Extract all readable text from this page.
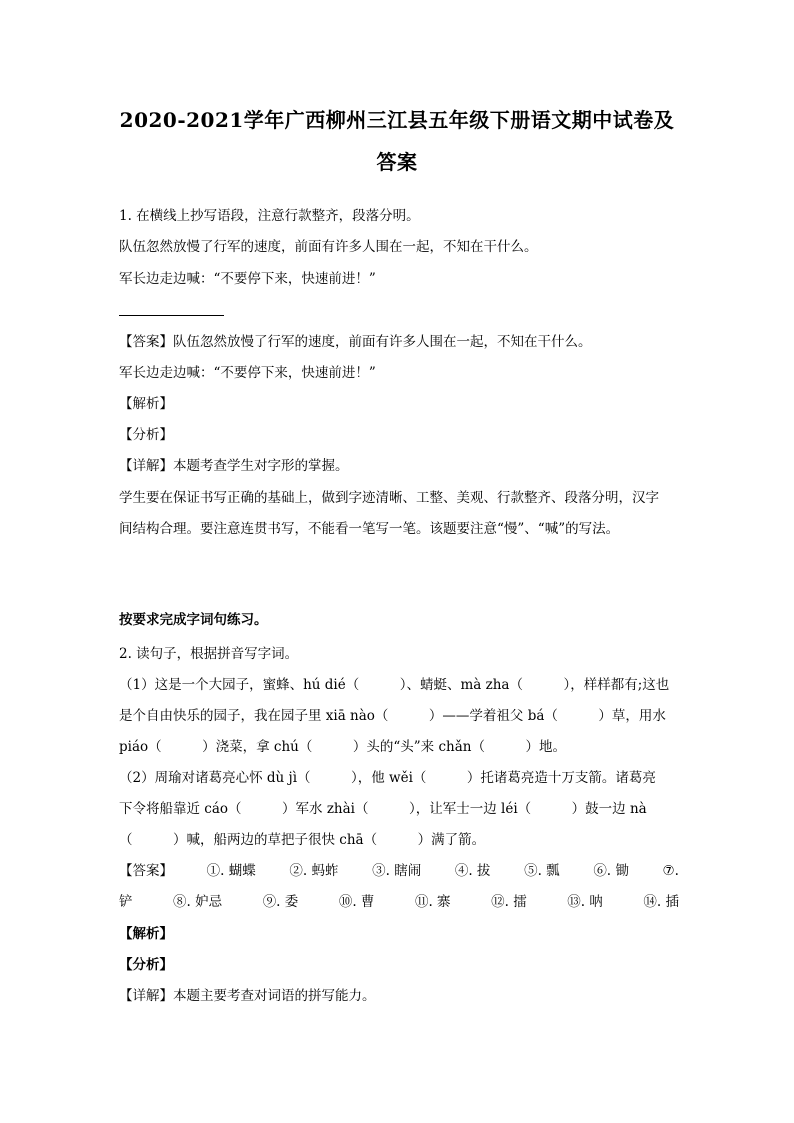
2020-2021学年广西柳州三江县五年级下册语文期中试卷及
答案
1. 在横线上抄写语段，注意行款整齐，段落分明。
队伍忽然放慢了行军的速度，前面有许多人围在一起，不知在干什么。
军长边走边喊：“不要停下来，快速前进！”
【答案】队伍忽然放慢了行军的速度，前面有许多人围在一起，不知在干什么。
军长边走边喊：“不要停下来，快速前进！”
【解析】
【分析】
【详解】本题考查学生对字形的掌握。
学生要在保证书写正确的基础上，做到字迹清晰、工整、美观、行款整齐、段落分明，汉字
间结构合理。要注意连贯书写，不能看一笔写一笔。该题要注意“慢”、“喊”的写法。
按要求完成字词句练习。
2. 读句子，根据拼音写字词。
（1）这是一个大园子，蜜蜂、hú dié（　　　）、蜻蜓、mà zha（　　　），样样都有;这也
是个自由快乐的园子，我在园子里 xiā nào（　　　）——学着祖父 bá（　　　）草，用水
piáo（　　　）浇菜，拿 chú（　　　）头的“头”来 chǎn（　　　）地。
（2）周瑜对诸葛亮心怀 dù jì（　　　），他 wěi（　　　）托诸葛亮造十万支箭。诸葛亮
下令将船靠近 cáo（　　　）军水 zhài（　　　），让军士一边 léi（　　　）鼓一边 nà
（　　　）喊，船两边的草把子很快 chā（　　　）满了箭。
【答案】 ①. 蝴蝶 ②. 蚂蚱 ③. 瞎闹 ④. 拔 ⑤. 瓢 ⑥. 锄 ⑦.
铲	⑧. 妒忌	⑨. 委	⑩. 曹	⑪. 寨	⑫. 擂	⑬. 呐	⑭. 插
【解析】
【分析】
【详解】本题主要考查对词语的拼写能力。
